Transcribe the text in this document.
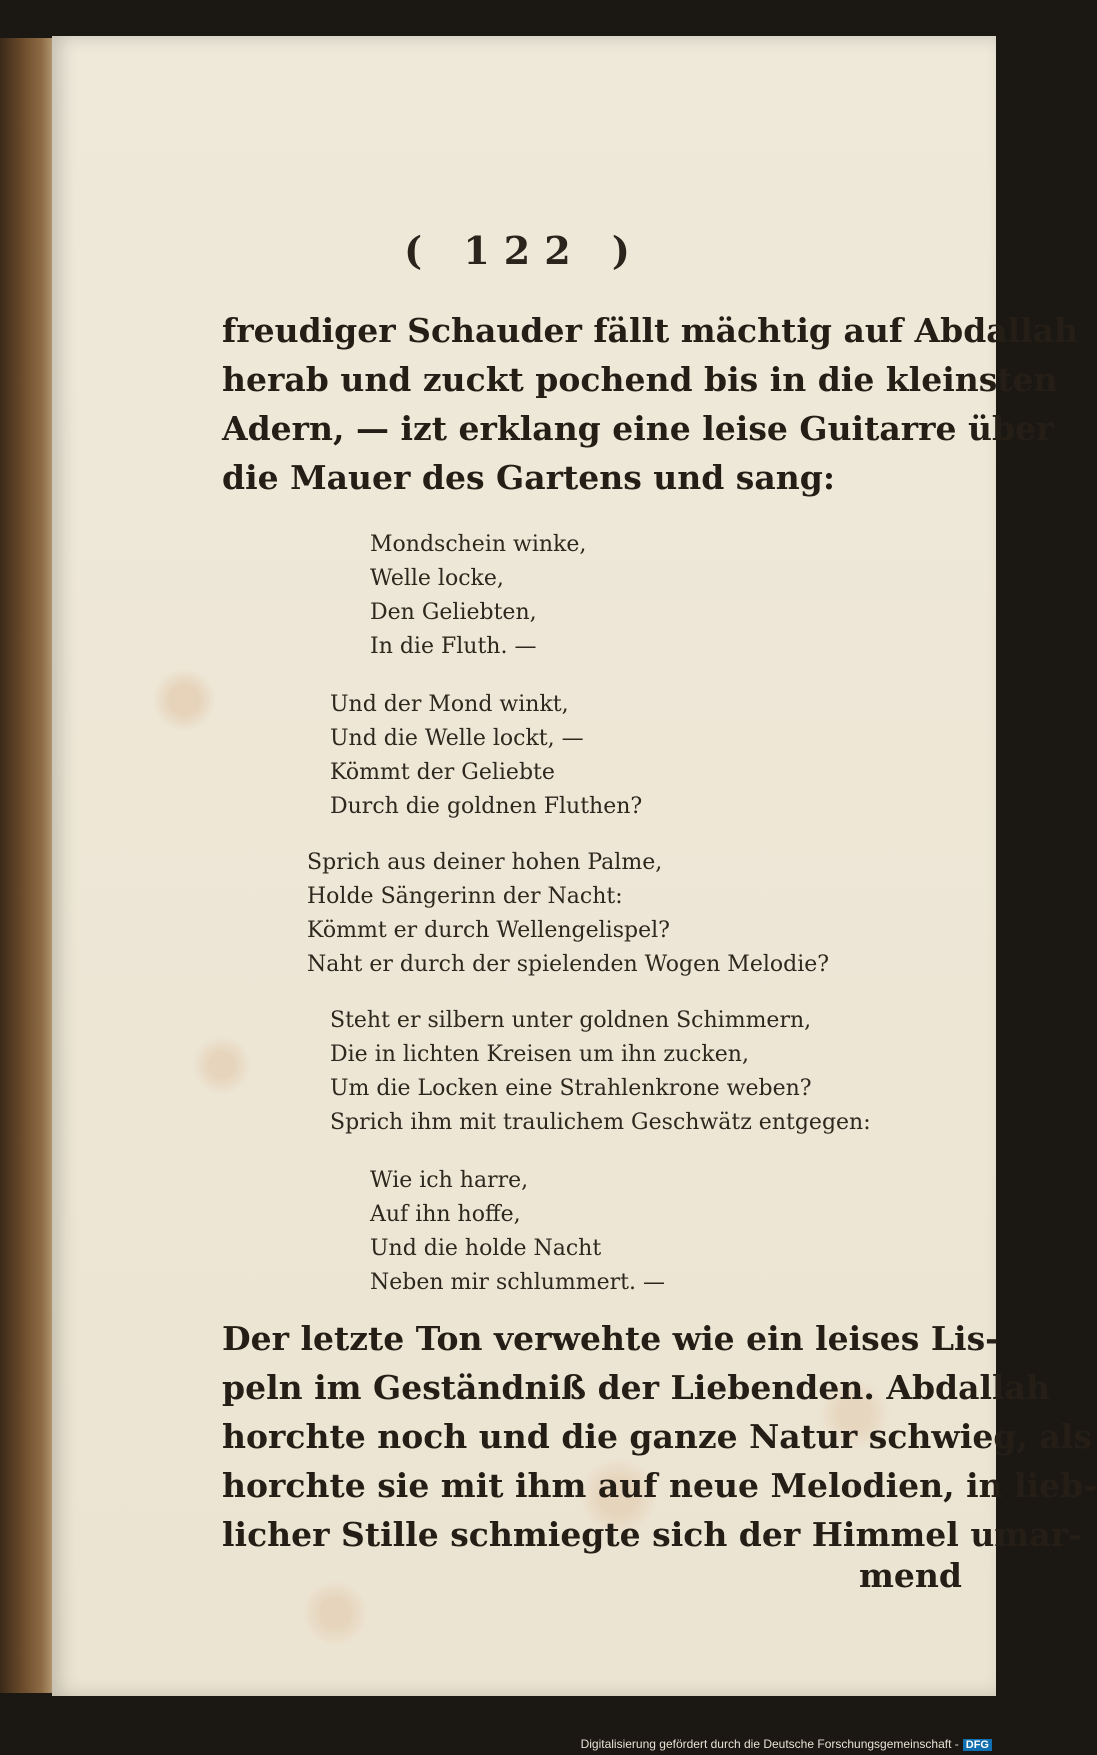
( 122 )
freudiger Schauder fällt mächtig auf Abdallah
herab und zuckt pochend bis in die kleinsten
Adern, — izt erklang eine leise Guitarre über
die Mauer des Gartens und sang:
Mondschein winke,
Welle locke,
Den Geliebten,
In die Fluth. —
Und der Mond winkt,
Und die Welle lockt, —
Kömmt der Geliebte
Durch die goldnen Fluthen?
Sprich aus deiner hohen Palme,
Holde Sängerinn der Nacht:
Kömmt er durch Wellengelispel?
Naht er durch der spielenden Wogen Melodie?
Steht er silbern unter goldnen Schimmern,
Die in lichten Kreisen um ihn zucken,
Um die Locken eine Strahlenkrone weben?
Sprich ihm mit traulichem Geschwätz entgegen:
Wie ich harre,
Auf ihn hoffe,
Und die holde Nacht
Neben mir schlummert. —
Der letzte Ton verwehte wie ein leises Lis-
peln im Geständniß der Liebenden. Abdallah
horchte noch und die ganze Natur schwieg, als
horchte sie mit ihm auf neue Melodien, in lieb-
licher Stille schmiegte sich der Himmel umar-
mend
Digitalisierung gefördert durch die Deutsche Forschungsgemeinschaft - DFG
